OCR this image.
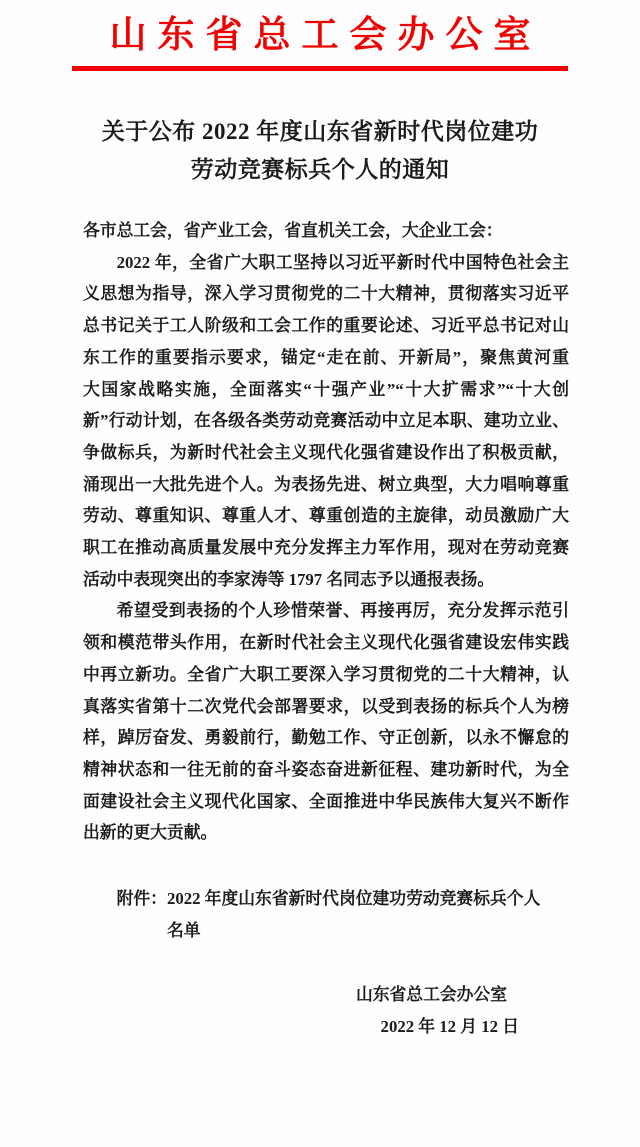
山东省总工会办公室
关于公布 2022 年度山东省新时代岗位建功
劳动竞赛标兵个人的通知
各市总工会，省产业工会，省直机关工会，大企业工会：
2022 年，全省广大职工坚持以习近平新时代中国特色社会主
义思想为指导，深入学习贯彻党的二十大精神，贯彻落实习近平
总书记关于工人阶级和工会工作的重要论述、习近平总书记对山
东工作的重要指示要求，锚定“走在前、开新局”，聚焦黄河重
大国家战略实施，全面落实“十强产业”“十大扩需求”“十大创
新”行动计划，在各级各类劳动竞赛活动中立足本职、建功立业、
争做标兵，为新时代社会主义现代化强省建设作出了积极贡献，
涌现出一大批先进个人。为表扬先进、树立典型，大力唱响尊重
劳动、尊重知识、尊重人才、尊重创造的主旋律，动员激励广大
职工在推动高质量发展中充分发挥主力军作用，现对在劳动竞赛
活动中表现突出的李家涛等 1797 名同志予以通报表扬。
希望受到表扬的个人珍惜荣誉、再接再厉，充分发挥示范引
领和模范带头作用，在新时代社会主义现代化强省建设宏伟实践
中再立新功。全省广大职工要深入学习贯彻党的二十大精神，认
真落实省第十二次党代会部署要求，以受到表扬的标兵个人为榜
样，踔厉奋发、勇毅前行，勤勉工作、守正创新，以永不懈怠的
精神状态和一往无前的奋斗姿态奋进新征程、建功新时代，为全
面建设社会主义现代化国家、全面推进中华民族伟大复兴不断作
出新的更大贡献。
附件：2022 年度山东省新时代岗位建功劳动竞赛标兵个人
名单
山东省总工会办公室
2022 年 12 月 12 日
